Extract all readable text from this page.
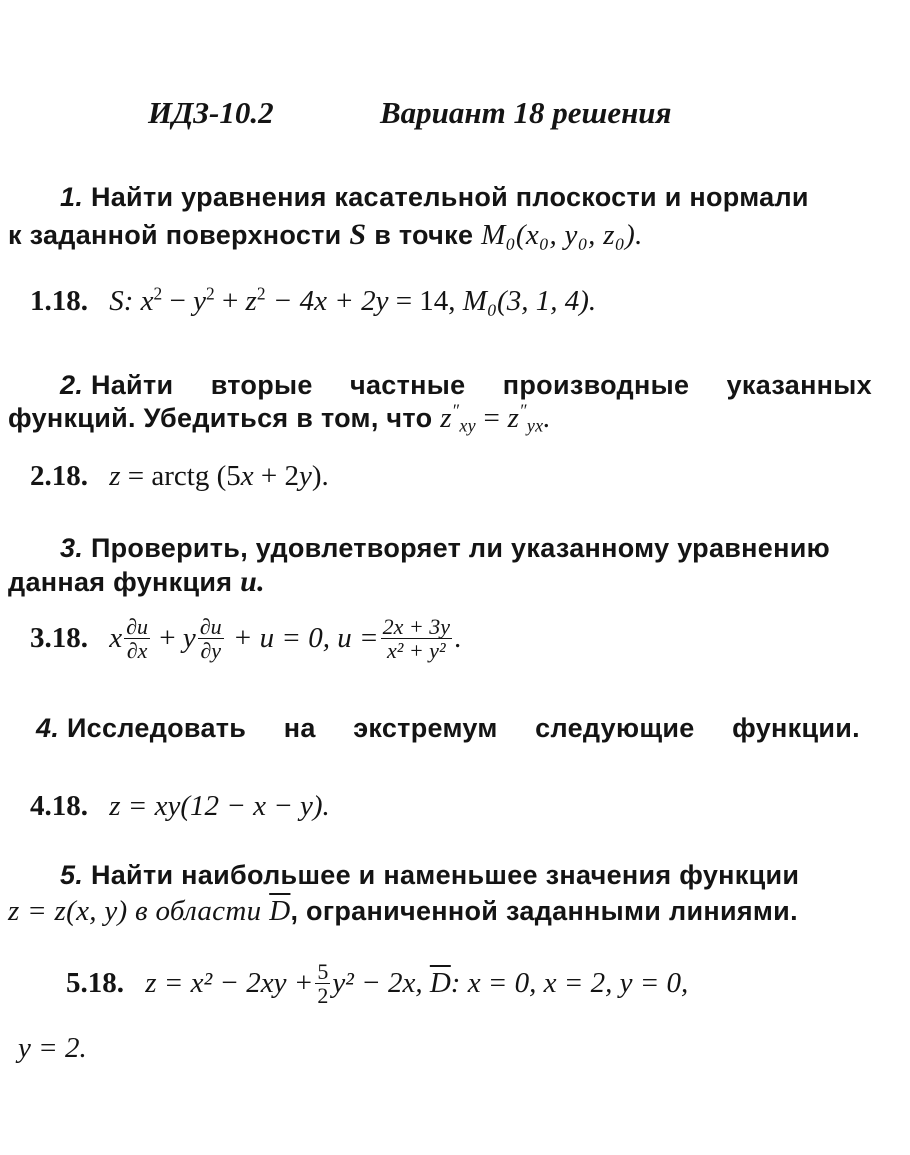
ИДЗ-10.2	Вариант 18 решения
1. Найти уравнения касательной плоскости и нормали
к заданной поверхности S в точке M₀(x₀, y₀, z₀).
1.18. S: $x^2 - y^2 + z^2 - 4x + 2y = 14$, M₀(3, 1, 4).
2. Найти вторые частные производные указанных
функций. Убедиться в том, что $z''_{xy} = z''_{yx}$.
2.18. z = arctg (5x + 2y).
3. Проверить, удовлетворяет ли указанному уравнению
данная функция u.
3.18. x $\frac{\partial u}{\partial x} + y \frac{\partial u}{\partial y} + u = 0$, $u = \frac{2x + 3y}{\text{x² + y²}}$ .
4. Исследовать на экстремум следующие функции.
4.18. z = xy(12 − x − y).
5. Найти наибольшее и наменьшее значения функции
z = z(x, y) в области $\overline{D}$, ограниченной заданными линиями.
5.18. $z = x^2 - 2xy + \frac{5}{2} y^2 - 2x$, $\overline{D}$: x = 0, x = 2, y = 0,
y = 2.
